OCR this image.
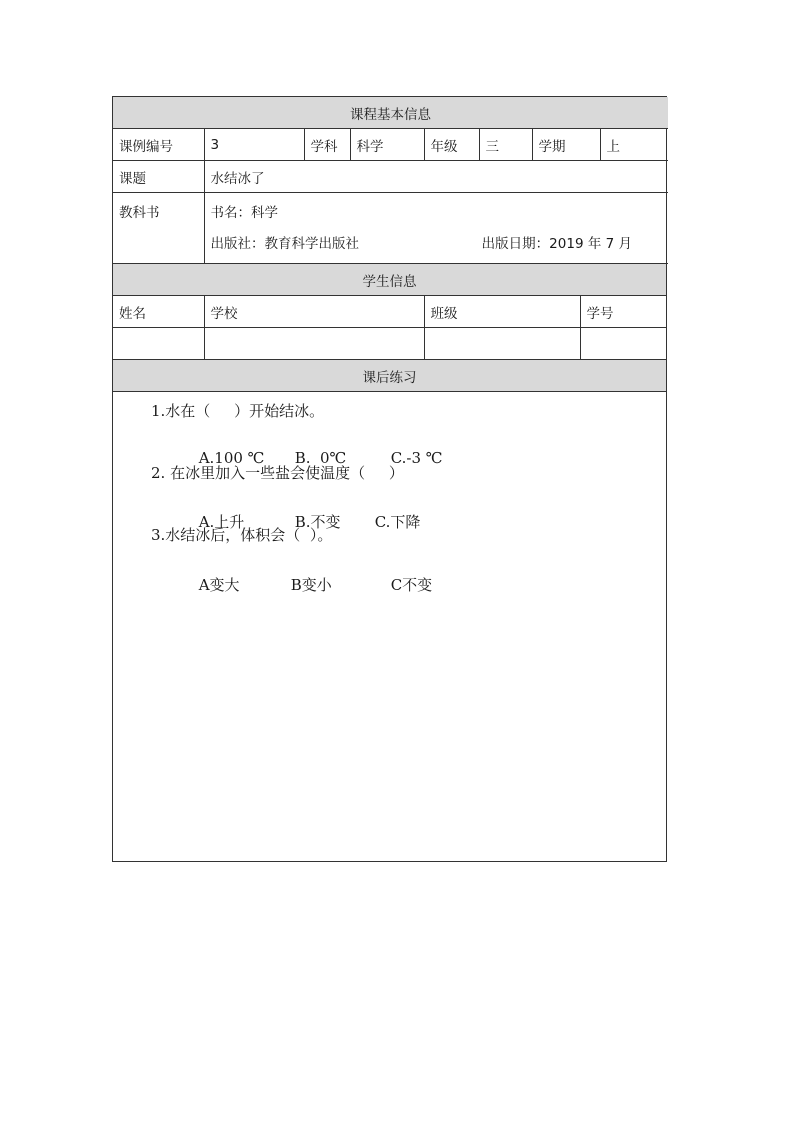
课程基本信息							
课例编号	3	学科	科学	年级	三	学期	上
课题	水结冰了						
教科书	书名：科学
出版社：教育科学出版社 出版日期：2019 年 7 月						
学生信息			
姓名	学校	班级	学号

课后练习

1.水在（     ）开始结冰。

A.100 ℃ B.  0℃	C.-3 ℃

2. 在冰里加入一些盐会使温度（     ）

A.上升	B.不变 C.下降

3.水结冰后，体积会（  ）。

A变大	B变小	C不变
